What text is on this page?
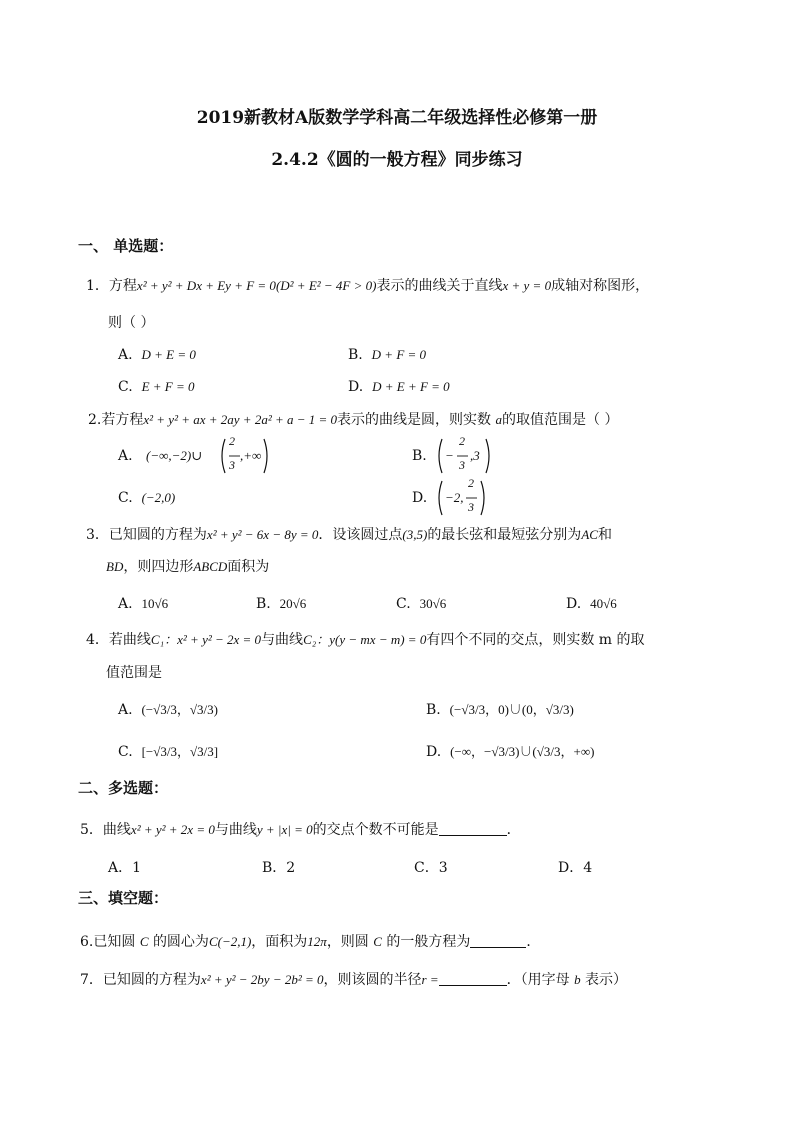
2019新教材A版数学学科高二年级选择性必修第一册
2.4.2《圆的一般方程》同步练习
一、 单选题：
1．方程x² + y² + Dx + Ey + F = 0(D² + E² − 4F > 0)表示的曲线关于直线x + y = 0成轴对称图形，
则（ ）
A. D + E = 0	B. D + F = 0
C. E + F = 0	D. D + E + F = 0
2.若方程x² + y² + ax + 2ay + 2a² + a − 1 = 0表示的曲线是圆，则实数 a的取值范围是（ ）
A. (−∞,−2)∪
2
3
,+∞	B. −
2
3
,3
C. (−2,0)	D. −2,
2
3
3．已知圆的方程为x² + y² − 6x − 8y = 0．设该圆过点(3,5)的最长弦和最短弦分别为AC和
BD，则四边形ABCD面积为
A. 10√6	B. 20√6	C. 30√6	D. 40√6
4．若曲线C₁：x² + y² − 2x = 0与曲线C₂：y(y − mx − m) = 0有四个不同的交点，则实数 m 的取
值范围是
A. (−√3/3，√3/3)	B. (−√3/3，0)∪(0，√3/3)
C. [−√3/3，√3/3]	D. (−∞，−√3/3)∪(√3/3，+∞)
二、多选题：
5．曲线x² + y² + 2x = 0与曲线y + |x| = 0的交点个数不可能是	．
A．1	B．2	C．3	D．4
三、填空题：
6.已知圆 C 的圆心为C(−2,1)，面积为12π，则圆 C 的一般方程为	．
7．已知圆的方程为x² + y² − 2by − 2b² = 0，则该圆的半径r =	．（用字母 b 表示）
